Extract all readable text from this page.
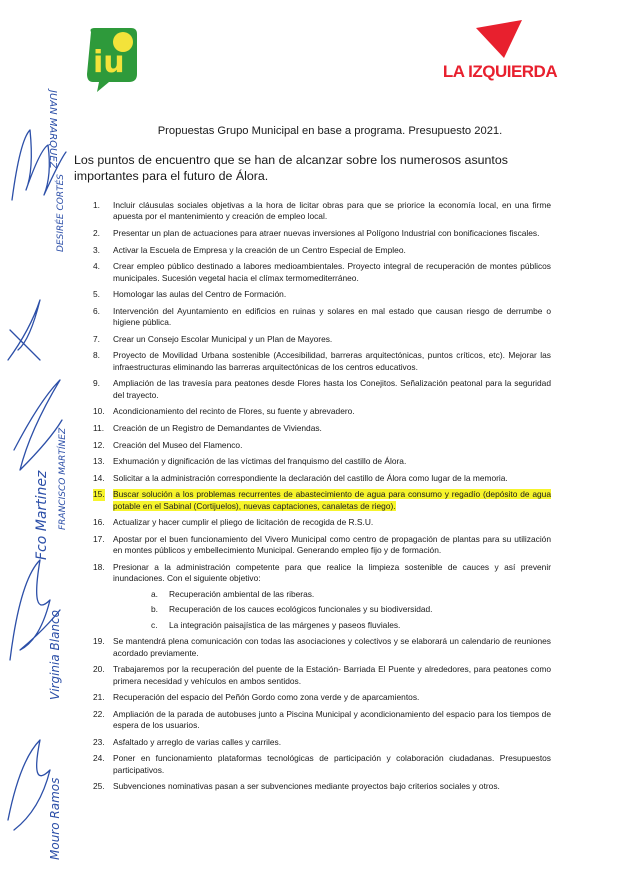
iu	LA IZQUIERDA
Propuestas Grupo Municipal en base a programa. Presupuesto 2021.
Los puntos de encuentro que se han de alcanzar sobre los numerosos asuntos importantes para el futuro de Álora.
1. Incluir cláusulas sociales objetivas a la hora de licitar obras para que se priorice la economía local, en una firme apuesta por el mantenimiento y creación de empleo local.
2. Presentar un plan de actuaciones para atraer nuevas inversiones al Polígono Industrial con bonificaciones fiscales.
3. Activar la Escuela de Empresa y la creación de un Centro Especial de Empleo.
4. Crear empleo público destinado a labores medioambientales. Proyecto integral de recuperación de montes públicos municipales. Sucesión vegetal hacia el clímax termomediterráneo.
5. Homologar las aulas del Centro de Formación.
6. Intervención del Ayuntamiento en edificios en ruinas y solares en mal estado que causan riesgo de derrumbe o higiene pública.
7. Crear un Consejo Escolar Municipal y un Plan de Mayores.
8. Proyecto de Movilidad Urbana sostenible (Accesibilidad, barreras arquitectónicas, puntos críticos, etc). Mejorar las infraestructuras eliminando las barreras arquitectónicas de los centros educativos.
9. Ampliación de las travesía para peatones desde Flores hasta los Conejitos. Señalización peatonal para la seguridad del trayecto.
10. Acondicionamiento del recinto de Flores, su fuente y abrevadero.
11. Creación de un Registro de Demandantes de Viviendas.
12. Creación del Museo del Flamenco.
13. Exhumación y dignificación de las víctimas del franquismo del castillo de Álora.
14. Solicitar a la administración correspondiente la declaración del castillo de Álora como lugar de la memoria.
15. Buscar solución a los problemas recurrentes de abastecimiento de agua para consumo y regadío (depósito de agua potable en el Sabinal (Cortijuelos), nuevas captaciones, canaletas de riego).
16. Actualizar y hacer cumplir el pliego de licitación de recogida de R.S.U.
17. Apostar por el buen funcionamiento del Vivero Municipal como centro de propagación de plantas para su utilización en montes públicos y embellecimiento Municipal. Generando empleo fijo y de formación.
18. Presionar a la administración competente para que realice la limpieza sostenible de cauces y así prevenir inundaciones. Con el siguiente objetivo:
a. Recuperación ambiental de las riberas.
b. Recuperación de los cauces ecológicos funcionales y su biodiversidad.
c. La integración paisajística de las márgenes y paseos fluviales.
19. Se mantendrá plena comunicación con todas las asociaciones y colectivos y se elaborará un calendario de reuniones acordado previamente.
20. Trabajaremos por la recuperación del puente de la Estación- Barriada El Puente y alrededores, para peatones como primera necesidad y vehículos en ambos sentidos.
21. Recuperación del espacio del Peñón Gordo como zona verde y de aparcamientos.
22. Ampliación de la parada de autobuses junto a Piscina Municipal y acondicionamiento del espacio para los tiempos de espera de los usuarios.
23. Asfaltado y arreglo de varias calles y carriles.
24. Poner en funcionamiento plataformas tecnológicas de participación y colaboración ciudadanas. Presupuestos participativos.
25. Subvenciones nominativas pasan a ser subvenciones mediante proyectos bajo criterios sociales y otros.
JUAN MARQUEZ
DESIRÉE CORTÉS
FRANCISCO MARTÍNEZ
Fco Martinez
Virginia Blanco
Mouro Ramos
